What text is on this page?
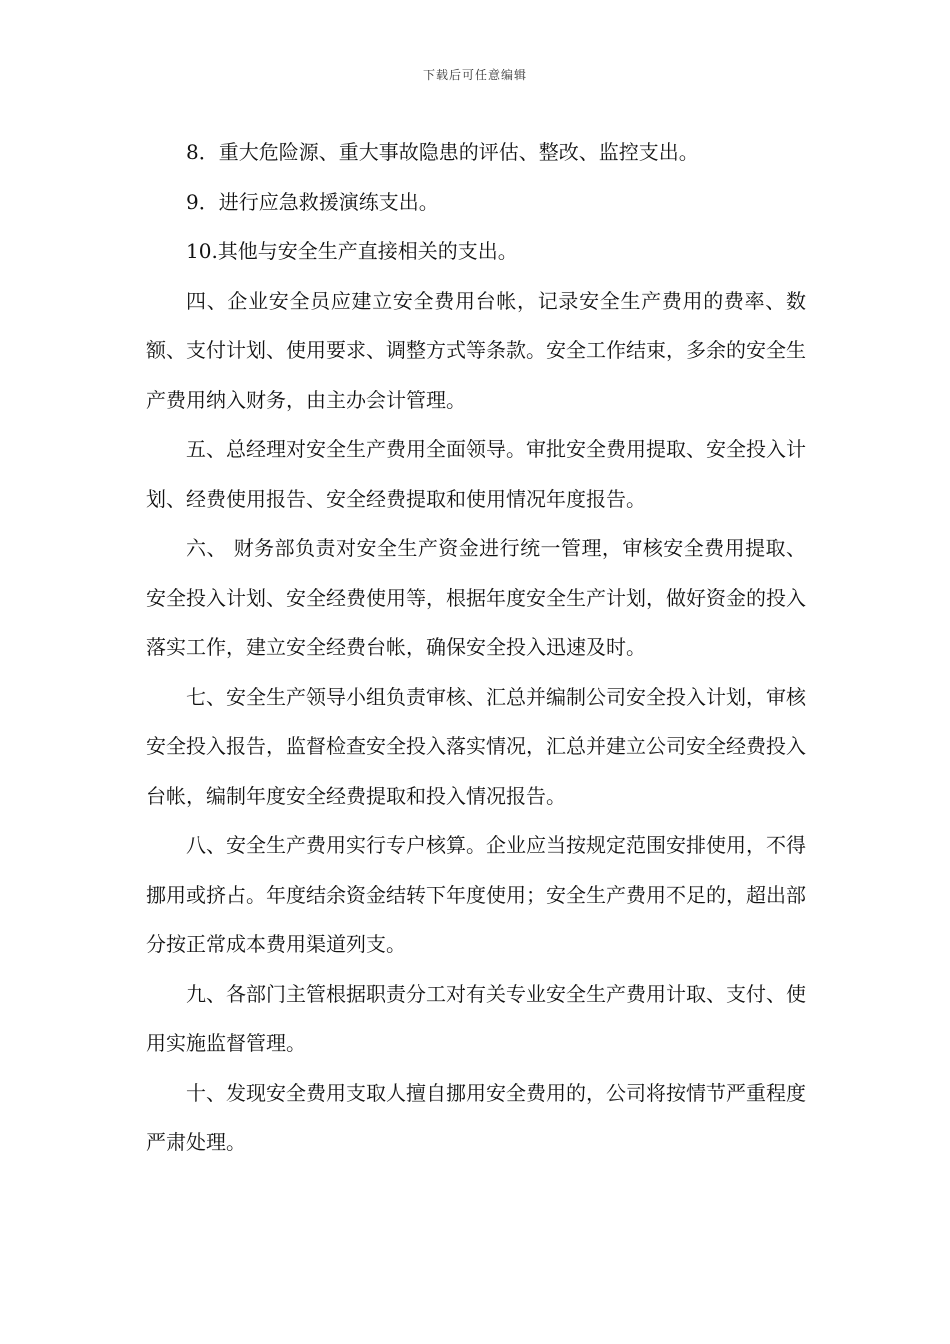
下载后可任意编辑

8．重大危险源、重大事故隐患的评估、整改、监控支出。

9．进行应急救援演练支出。

10.其他与安全生产直接相关的支出。

四、企业安全员应建立安全费用台帐，记录安全生产费用的费率、数额、支付计划、使用要求、调整方式等条款。安全工作结束，多余的安全生产费用纳入财务，由主办会计管理。

五、总经理对安全生产费用全面领导。审批安全费用提取、安全投入计划、经费使用报告、安全经费提取和使用情况年度报告。

六、 财务部负责对安全生产资金进行统一管理，审核安全费用提取、安全投入计划、安全经费使用等，根据年度安全生产计划，做好资金的投入落实工作，建立安全经费台帐，确保安全投入迅速及时。

七、安全生产领导小组负责审核、汇总并编制公司安全投入计划，审核安全投入报告，监督检查安全投入落实情况，汇总并建立公司安全经费投入台帐，编制年度安全经费提取和投入情况报告。

八、安全生产费用实行专户核算。企业应当按规定范围安排使用，不得挪用或挤占。年度结余资金结转下年度使用；安全生产费用不足的，超出部分按正常成本费用渠道列支。

九、各部门主管根据职责分工对有关专业安全生产费用计取、支付、使用实施监督管理。

十、发现安全费用支取人擅自挪用安全费用的，公司将按情节严重程度严肃处理。
